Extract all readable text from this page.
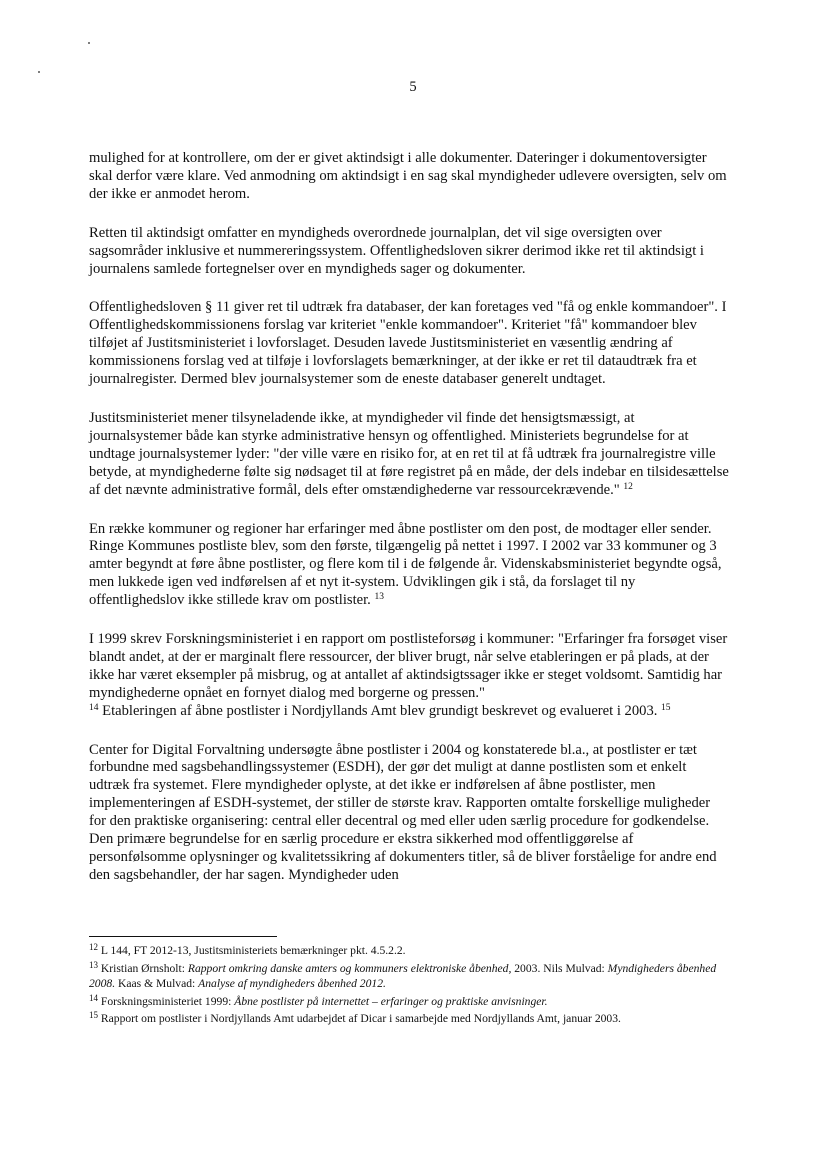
5

mulighed for at kontrollere, om der er givet aktindsigt i alle dokumenter. Dateringer i dokumentoversigter skal derfor være klare. Ved anmodning om aktindsigt i en sag skal myndigheder udlevere oversigten, selv om der ikke er anmodet herom.

Retten til aktindsigt omfatter en myndigheds overordnede journalplan, det vil sige oversigten over sagsområder inklusive et nummereringssystem. Offentlighedsloven sikrer derimod ikke ret til aktindsigt i journalens samlede fortegnelser over en myndigheds sager og dokumenter.

Offentlighedsloven § 11 giver ret til udtræk fra databaser, der kan foretages ved "få og enkle kommandoer". I Offentlighedskommissionens forslag var kriteriet "enkle kommandoer". Kriteriet "få" kommandoer blev tilføjet af Justitsministeriet i lovforslaget. Desuden lavede Justitsministeriet en væsentlig ændring af kommissionens forslag ved at tilføje i lovforslagets bemærkninger, at der ikke er ret til dataudtræk fra et journalregister. Dermed blev journalsystemer som de eneste databaser generelt undtaget.

Justitsministeriet mener tilsyneladende ikke, at myndigheder vil finde det hensigtsmæssigt, at journalsystemer både kan styrke administrative hensyn og offentlighed. Ministeriets begrundelse for at undtage journalsystemer lyder: "der ville være en risiko for, at en ret til at få udtræk fra journalregistre ville betyde, at myndighederne følte sig nødsaget til at føre registret på en måde, der dels indebar en tilsidesættelse af det nævnte administrative formål, dels efter omstændighederne var ressourcekrævende." $^{12}$

En række kommuner og regioner har erfaringer med åbne postlister om den post, de modtager eller sender. Ringe Kommunes postliste blev, som den første, tilgængelig på nettet i 1997. I 2002 var 33 kommuner og 3 amter begyndt at føre åbne postlister, og flere kom til i de følgende år. Videnskabsministeriet begyndte også, men lukkede igen ved indførelsen af et nyt it-system. Udviklingen gik i stå, da forslaget til ny offentlighedslov ikke stillede krav om postlister. $^{13}$

I 1999 skrev Forskningsministeriet i en rapport om postlisteforsøg i kommuner: "Erfaringer fra forsøget viser blandt andet, at der er marginalt flere ressourcer, der bliver brugt, når selve etableringen er på plads, at der ikke har været eksempler på misbrug, og at antallet af aktindsigtssager ikke er steget voldsomt. Samtidig har myndighederne opnået en fornyet dialog med borgerne og pressen."
$^{14}$ Etableringen af åbne postlister i Nordjyllands Amt blev grundigt beskrevet og evalueret i 2003. $^{15}$

Center for Digital Forvaltning undersøgte åbne postlister i 2004 og konstaterede bl.a., at postlister er tæt forbundne med sagsbehandlingssystemer (ESDH), der gør det muligt at danne postlisten som et enkelt udtræk fra systemet. Flere myndigheder oplyste, at det ikke er indførelsen af åbne postlister, men implementeringen af ESDH-systemet, der stiller de største krav. Rapporten omtalte forskellige muligheder for den praktiske organisering: central eller decentral og med eller uden særlig procedure for godkendelse. Den primære begrundelse for en særlig procedure er ekstra sikkerhed mod offentliggørelse af personfølsomme oplysninger og kvalitetssikring af dokumenters titler, så de bliver forståelige for andre end den sagsbehandler, der har sagen. Myndigheder uden

$^{12}$ L 144, FT 2012-13, Justitsministeriets bemærkninger pkt. 4.5.2.2.
$^{13}$ Kristian Ørnsholt: Rapport omkring danske amters og kommuners elektroniske åbenhed, 2003. Nils Mulvad: Myndigheders åbenhed 2008. Kaas & Mulvad: Analyse af myndigheders åbenhed 2012.
$^{14}$ Forskningsministeriet 1999: Åbne postlister på internettet – erfaringer og praktiske anvisninger.
$^{15}$ Rapport om postlister i Nordjyllands Amt udarbejdet af Dicar i samarbejde med Nordjyllands Amt, januar 2003.
